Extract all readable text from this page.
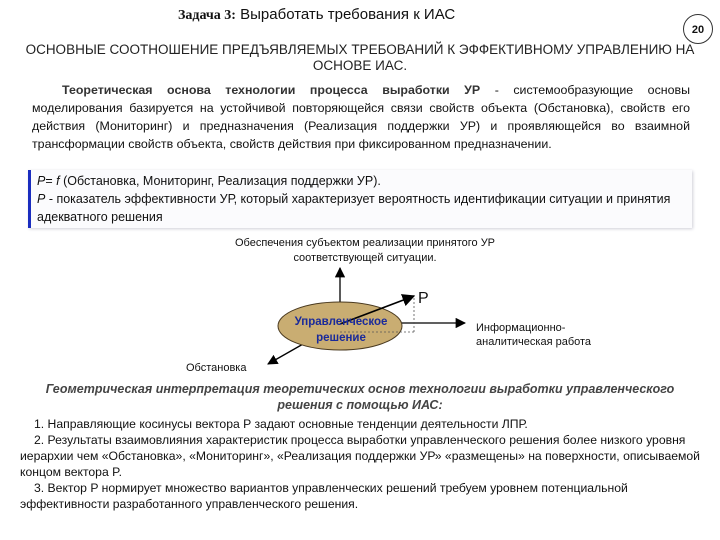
Задача 3: Выработать требования к ИАС
20
ОСНОВНЫЕ СООТНОШЕНИЕ ПРЕДЪЯВЛЯЕМЫХ ТРЕБОВАНИЙ К ЭФФЕКТИВНОМУ УПРАВЛЕНИЮ НА ОСНОВЕ ИАС.
Теоретическая основа технологии процесса выработки УР - системообразующие основы моделирования базируется на устойчивой повторяющейся связи свойств объекта (Обстановка), свойств его действия (Мониторинг) и предназначения (Реализация поддержки УР) и проявляющейся во взаимной трансформации свойств объекта, свойств действия при фиксированном предназначении.
P= f (Обстановка, Мониторинг, Реализация поддержки УР).
P - показатель эффективности УР, который характеризует вероятность идентификации ситуации и принятия адекватного решения
Обеспечения субъектом реализации принятого УР соответствующей ситуации.
P
Управленческое решение
Информационно-аналитическая работа
Обстановка
Геометрическая интерпретация теоретических основ технологии выработки управленческого решения с помощью ИАС:

1. Направляющие косинусы вектора P задают основные тенденции деятельности ЛПР.

2. Результаты взаимовлияния характеристик процесса выработки управленческого решения более низкого уровня иерархии чем «Обстановка», «Мониторинг», «Реализация поддержки УР» «размещены» на поверхности, описываемой концом вектора P.

3. Вектор P нормирует множество вариантов управленческих решений требуем уровнем потенциальной эффективности разработанного управленческого решения.
